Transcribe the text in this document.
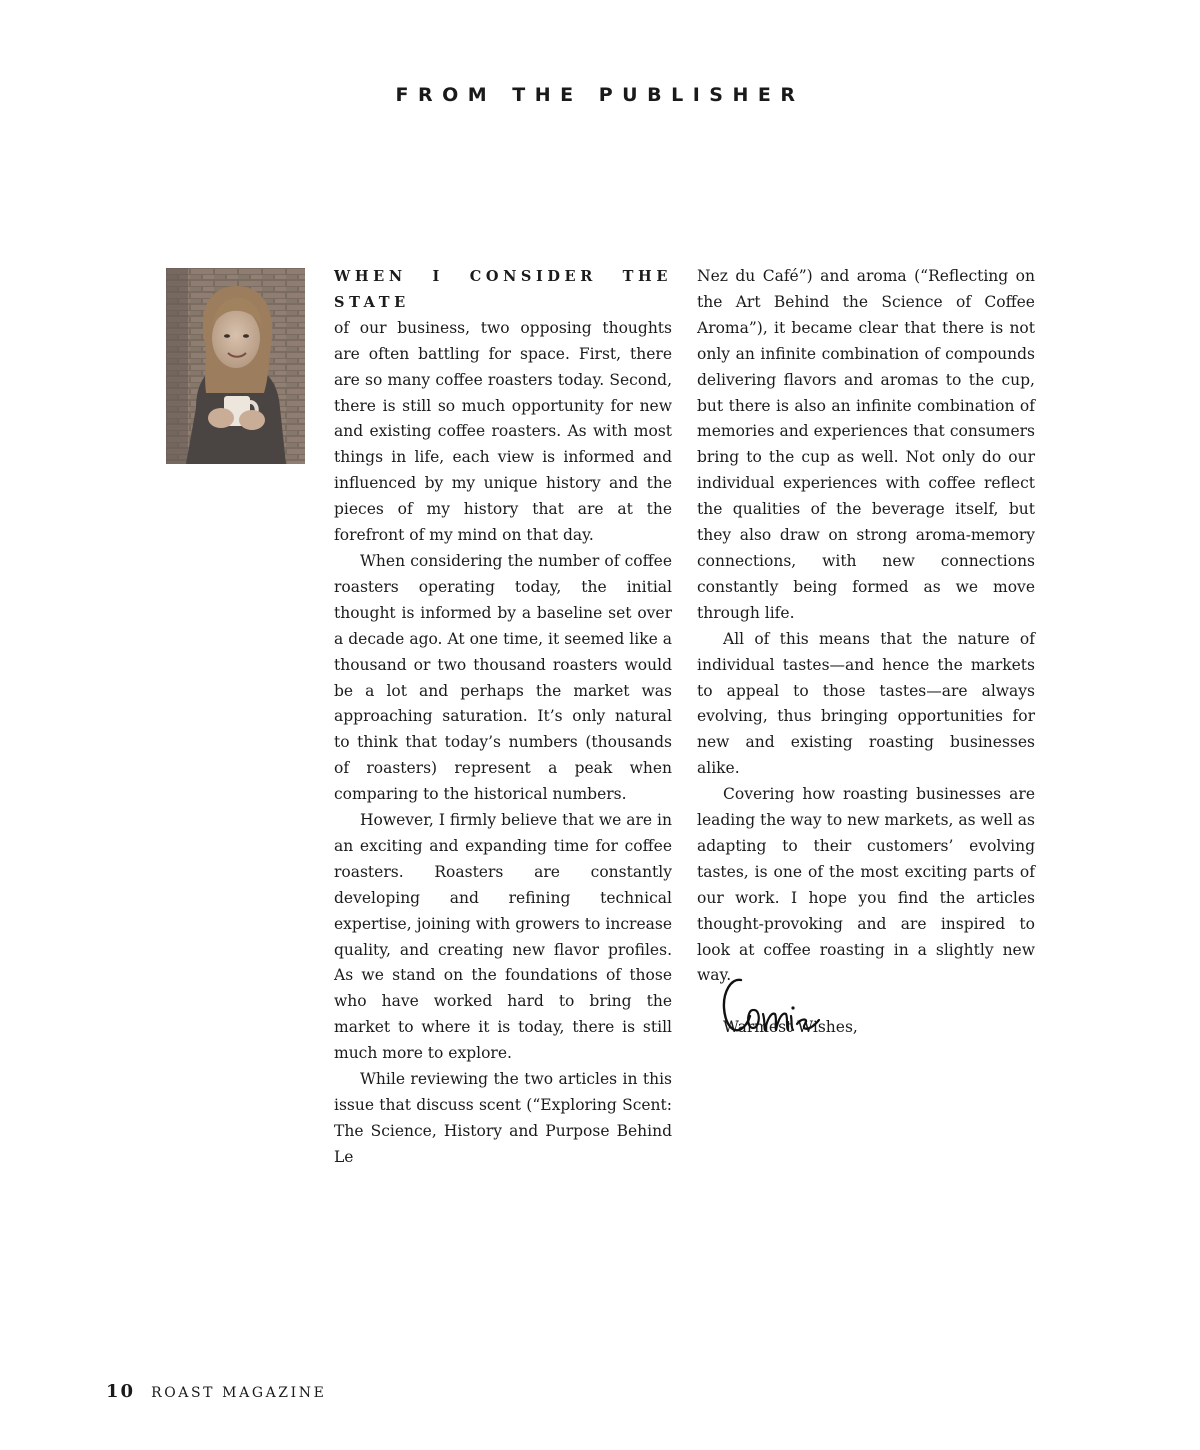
FROM THE PUBLISHER

WHEN I CONSIDER THE STATE
of our business, two opposing thoughts are often battling for space. First, there are so many coffee roasters today. Second, there is still so much opportunity for new and existing coffee roasters. As with most things in life, each view is informed and influenced by my unique history and the pieces of my history that are at the forefront of my mind on that day.

When considering the number of coffee roasters operating today, the initial thought is informed by a baseline set over a decade ago. At one time, it seemed like a thousand or two thousand roasters would be a lot and perhaps the market was approaching saturation. It’s only natural to think that today’s numbers (thousands of roasters) represent a peak when comparing to the historical numbers.

However, I firmly believe that we are in an exciting and expanding time for coffee roasters. Roasters are constantly developing and refining technical expertise, joining with growers to increase quality, and creating new flavor profiles. As we stand on the foundations of those who have worked hard to bring the market to where it is today, there is still much more to explore.

While reviewing the two articles in this issue that discuss scent (“Exploring Scent: The Science, History and Purpose Behind Le

Nez du Café”) and aroma (“Reflecting on the Art Behind the Science of Coffee Aroma”), it became clear that there is not only an infinite combination of compounds delivering flavors and aromas to the cup, but there is also an infinite combination of memories and experiences that consumers bring to the cup as well. Not only do our individual experiences with coffee reflect the qualities of the beverage itself, but they also draw on strong aroma-memory connections, with new connections constantly being formed as we move through life.

All of this means that the nature of individual tastes—and hence the markets to appeal to those tastes—are always evolving, thus bringing opportunities for new and existing roasting businesses alike.

Covering how roasting businesses are leading the way to new markets, as well as adapting to their customers’ evolving tastes, is one of the most exciting parts of our work. I hope you find the articles thought-provoking and are inspired to look at coffee roasting in a slightly new way.

Warmest Wishes,

10 ROAST MAGAZINE
